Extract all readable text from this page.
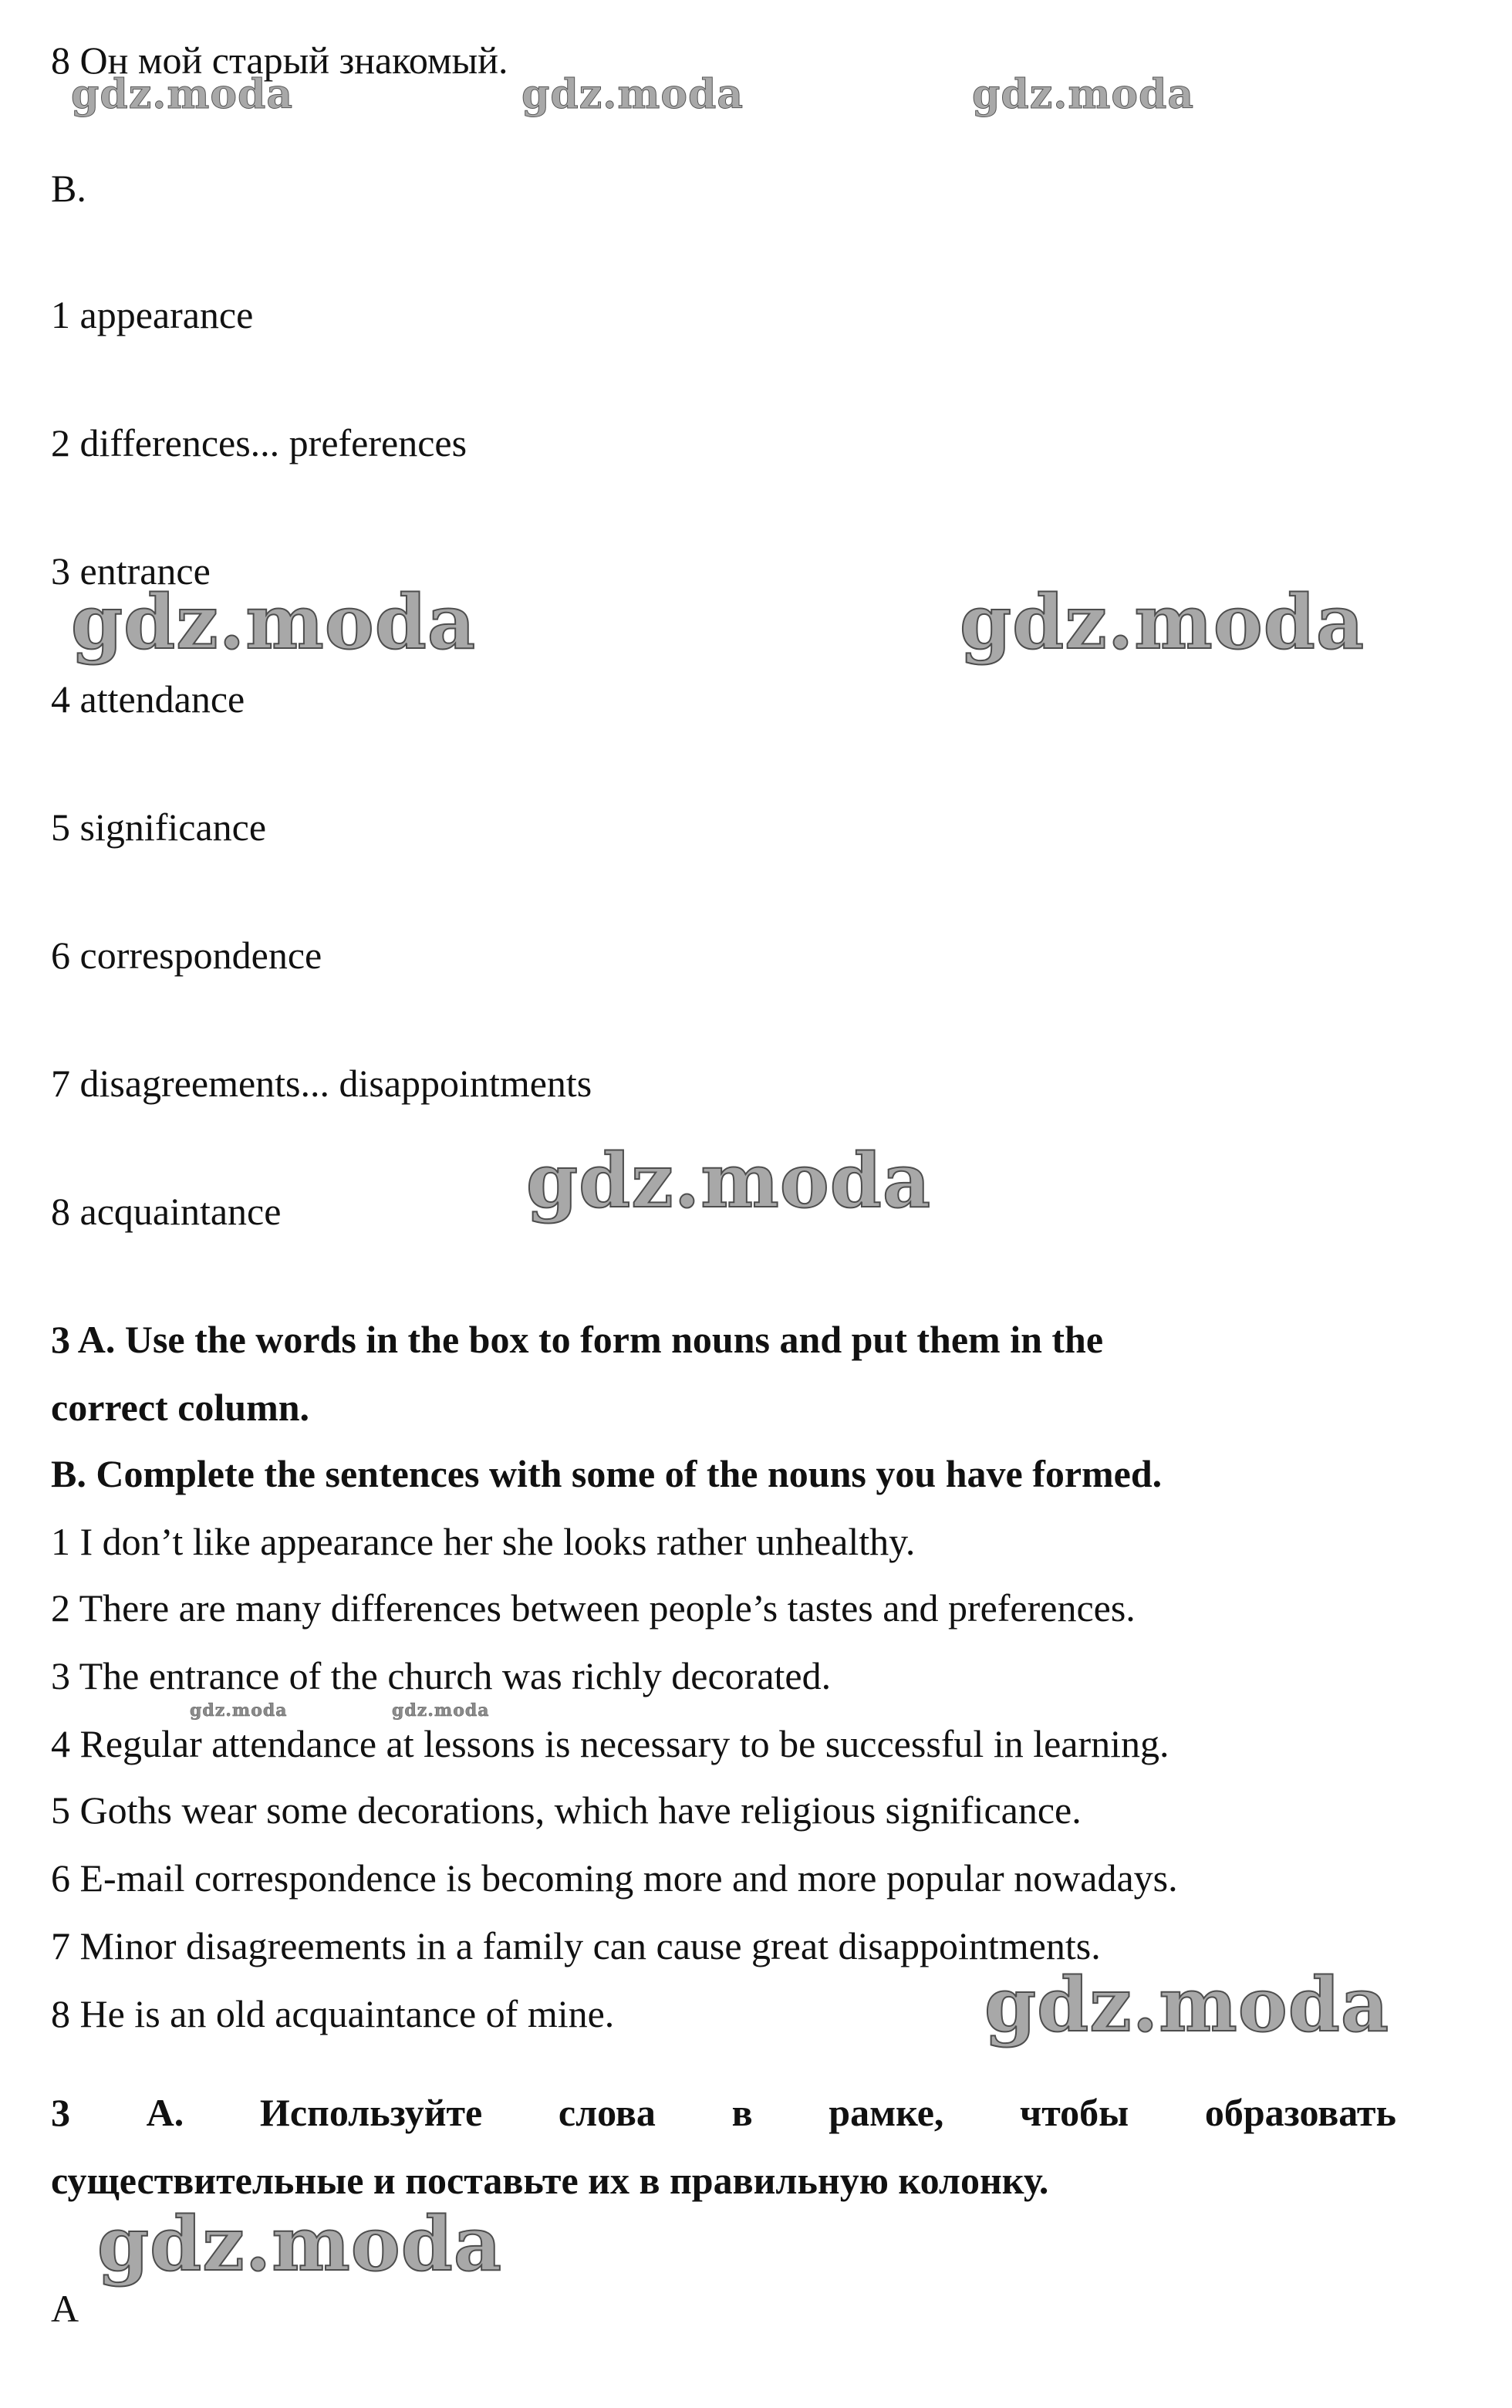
8 Он мой старый знакомый.
B.
1 appearance
2 differences... preferences
3 entrance
4 attendance
5 significance
6 correspondence
7 disagreements... disappointments
8 acquaintance
3 A. Use the words in the box to form nouns and put them in the
correct column.
B. Complete the sentences with some of the nouns you have formed.
1 I don’t like appearance her she looks rather unhealthy.
2 There are many differences between people’s tastes and preferences.
3 The entrance of the church was richly decorated.
4 Regular attendance at lessons is necessary to be successful in learning.
5 Goths wear some decorations, which have religious significance.
6 E-mail correspondence is becoming more and more popular nowadays.
7 Minor disagreements in a family can cause great disappointments.
8 He is an old acquaintance of mine.
3 А. Используйте слова в рамке, чтобы образовать
существительные и поставьте их в правильную колонку.
А
gdz.moda	gdz.moda	gdz.moda
gdz.moda	gdz.moda
gdz.moda
gdz.moda	gdz.moda
gdz.moda
gdz.moda
